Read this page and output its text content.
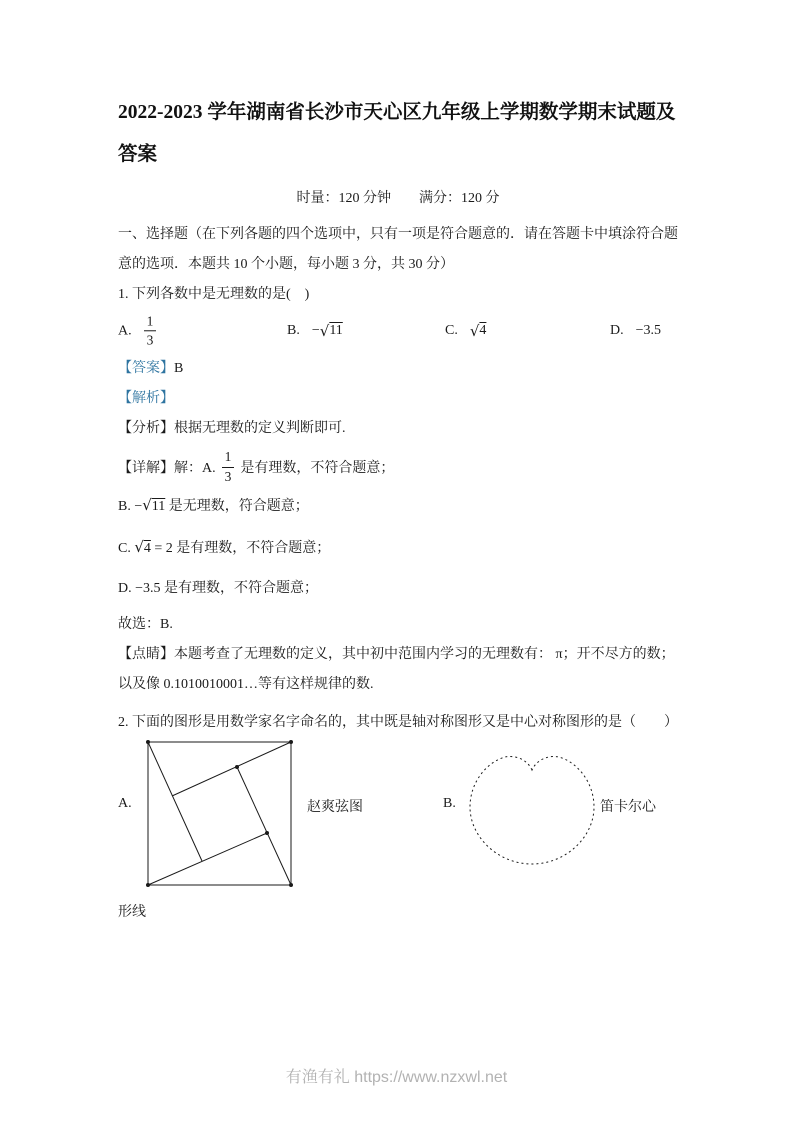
2022-2023 学年湖南省长沙市天心区九年级上学期数学期末试题及答案

时量：120 分钟　　满分：120 分

一、选择题（在下列各题的四个选项中，只有一项是符合题意的．请在答题卡中填涂符合题意的选项．本题共 10 个小题，每小题 3 分，共 30 分）

1. 下列各数中是无理数的是(　)

A. $\frac{1}{3}$	B. − √ 11	C. √ 4	D. −3.5

【答案】B

【解析】

【分析】根据无理数的定义判断即可.

【详解】解：A. $\frac{1}{3}$ 是有理数，不符合题意；

B. −√11 是无理数，符合题意；

C. √4 = 2 是有理数，不符合题意；

D. −3.5 是有理数，不符合题意；

故选：B.

【点睛】本题考查了无理数的定义，其中初中范围内学习的无理数有： π；开不尽方的数；以及像 0.1010010001…等有这样规律的数.

2. 下面的图形是用数学家名字命名的，其中既是轴对称图形又是中心对称图形的是（　　）

A.	赵爽弦图	B.	笛卡尔心

形线

有渔有礼 https://www.nzxwl.net
